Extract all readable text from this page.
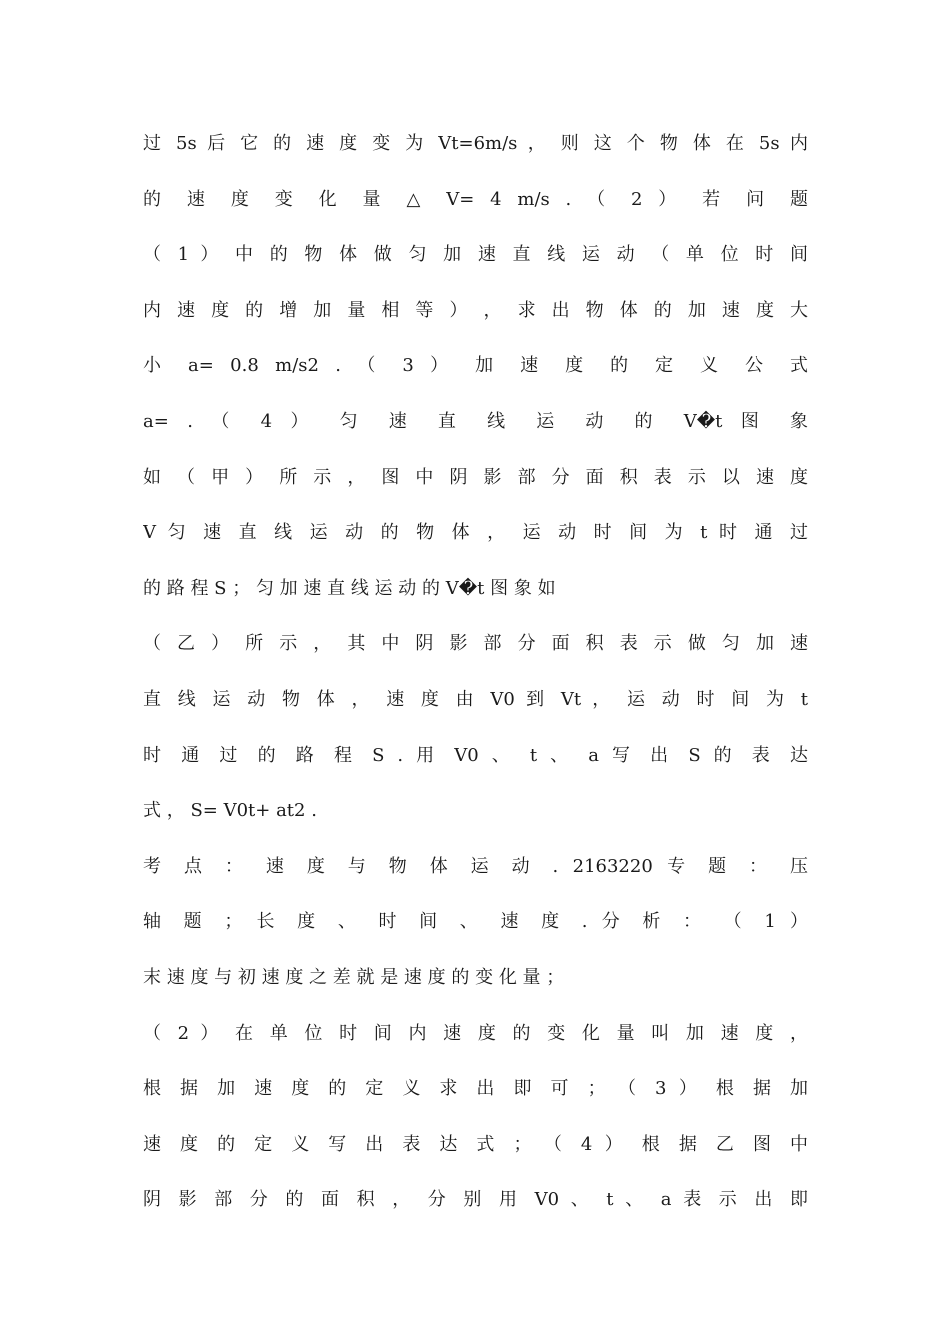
过 5s 后 它 的 速 度 变 为 Vt=6m/s ， 则 这 个 物 体 在 5s 内
的 速 度 变 化 量 △ V= 4 m/s . （ 2 ） 若 问 题
（ 1 ） 中 的 物 体 做 匀 加 速 直 线 运 动 （ 单 位 时 间
内 速 度 的 增 加 量 相 等 ） ， 求 出 物 体 的 加 速 度 大
小 a= 0.8 m/s2 . （ 3 ） 加 速 度 的 定 义 公 式
a= . （ 4 ） 匀 速 直 线 运 动 的 V�t 图 象
如 （ 甲 ） 所 示 ， 图 中 阴 影 部 分 面 积 表 示 以 速 度
V 匀 速 直 线 运 动 的 物 体 ， 运 动 时 间 为 t 时 通 过
的 路 程 S ； 匀 加 速 直 线 运 动 的 V�t 图 象 如
（ 乙 ） 所 示 ， 其 中 阴 影 部 分 面 积 表 示 做 匀 加 速
直 线 运 动 物 体 ， 速 度 由 V0 到 Vt ， 运 动 时 间 为 t
时 通 过 的 路 程 S . 用 V0 、 t 、 a 写 出 S 的 表 达
式 ， S= V0t+ at2 .
考 点 ： 速 度 与 物 体 运 动 . 2163220 专 题 ： 压
轴 题 ； 长 度 、 时 间 、 速 度 . 分 析 ： （ 1 ）
末 速 度 与 初 速 度 之 差 就 是 速 度 的 变 化 量 ；
（ 2 ） 在 单 位 时 间 内 速 度 的 变 化 量 叫 加 速 度 ，
根 据 加 速 度 的 定 义 求 出 即 可 ； （ 3 ） 根 据 加
速 度 的 定 义 写 出 表 达 式 ； （ 4 ） 根 据 乙 图 中
阴 影 部 分 的 面 积 ， 分 别 用 V0 、 t 、 a 表 示 出 即
